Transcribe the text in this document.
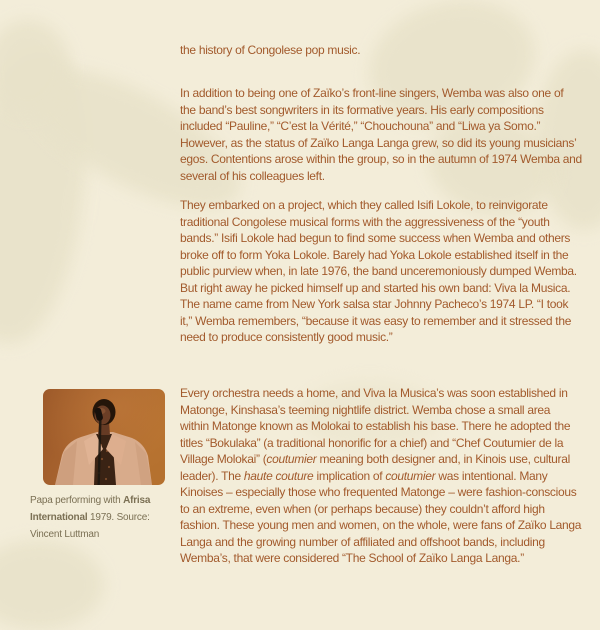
Papa performing with Afrisa
International 1979. Source:
Vincent Luttman

the history of Congolese pop music.

In addition to being one of Zaïko’s front-line singers, Wemba was also one of the band’s best songwriters in its formative years. His early compositions included “Pauline,” “C’est la Vérité,” “Chouchouna” and “Liwa ya Somo.” However, as the status of Zaïko Langa Langa grew, so did its young musicians’ egos. Contentions arose within the group, so in the autumn of 1974 Wemba and several of his colleagues left.

They embarked on a project, which they called Isifi Lokole, to reinvigorate traditional Congolese musical forms with the aggressiveness of the “youth bands.” Isifi Lokole had begun to find some success when Wemba and others broke off to form Yoka Lokole. Barely had Yoka Lokole established itself in the public purview when, in late 1976, the band unceremoniously dumped Wemba. But right away he picked himself up and started his own band: Viva la Musica. The name came from New York salsa star Johnny Pacheco’s 1974 LP. “I took it,” Wemba remembers, “because it was easy to remember and it stressed the need to produce consistently good music.”

Every orchestra needs a home, and Viva la Musica’s was soon established in Matonge, Kinshasa’s teeming nightlife district. Wemba chose a small area within Matonge known as Molokai to establish his base. There he adopted the titles “Bokulaka” (a traditional honorific for a chief) and “Chef Coutumier de la Village Molokai” (coutumier meaning both designer and, in Kinois use, cultural leader). The haute couture implication of coutumier was intentional. Many Kinoises – especially those who frequented Matonge – were fashion-conscious to an extreme, even when (or perhaps because) they couldn’t afford high fashion. These young men and women, on the whole, were fans of Zaïko Langa Langa and the growing number of affiliated and offshoot bands, including Wemba’s, that were considered “The School of Zaïko Langa Langa.”
